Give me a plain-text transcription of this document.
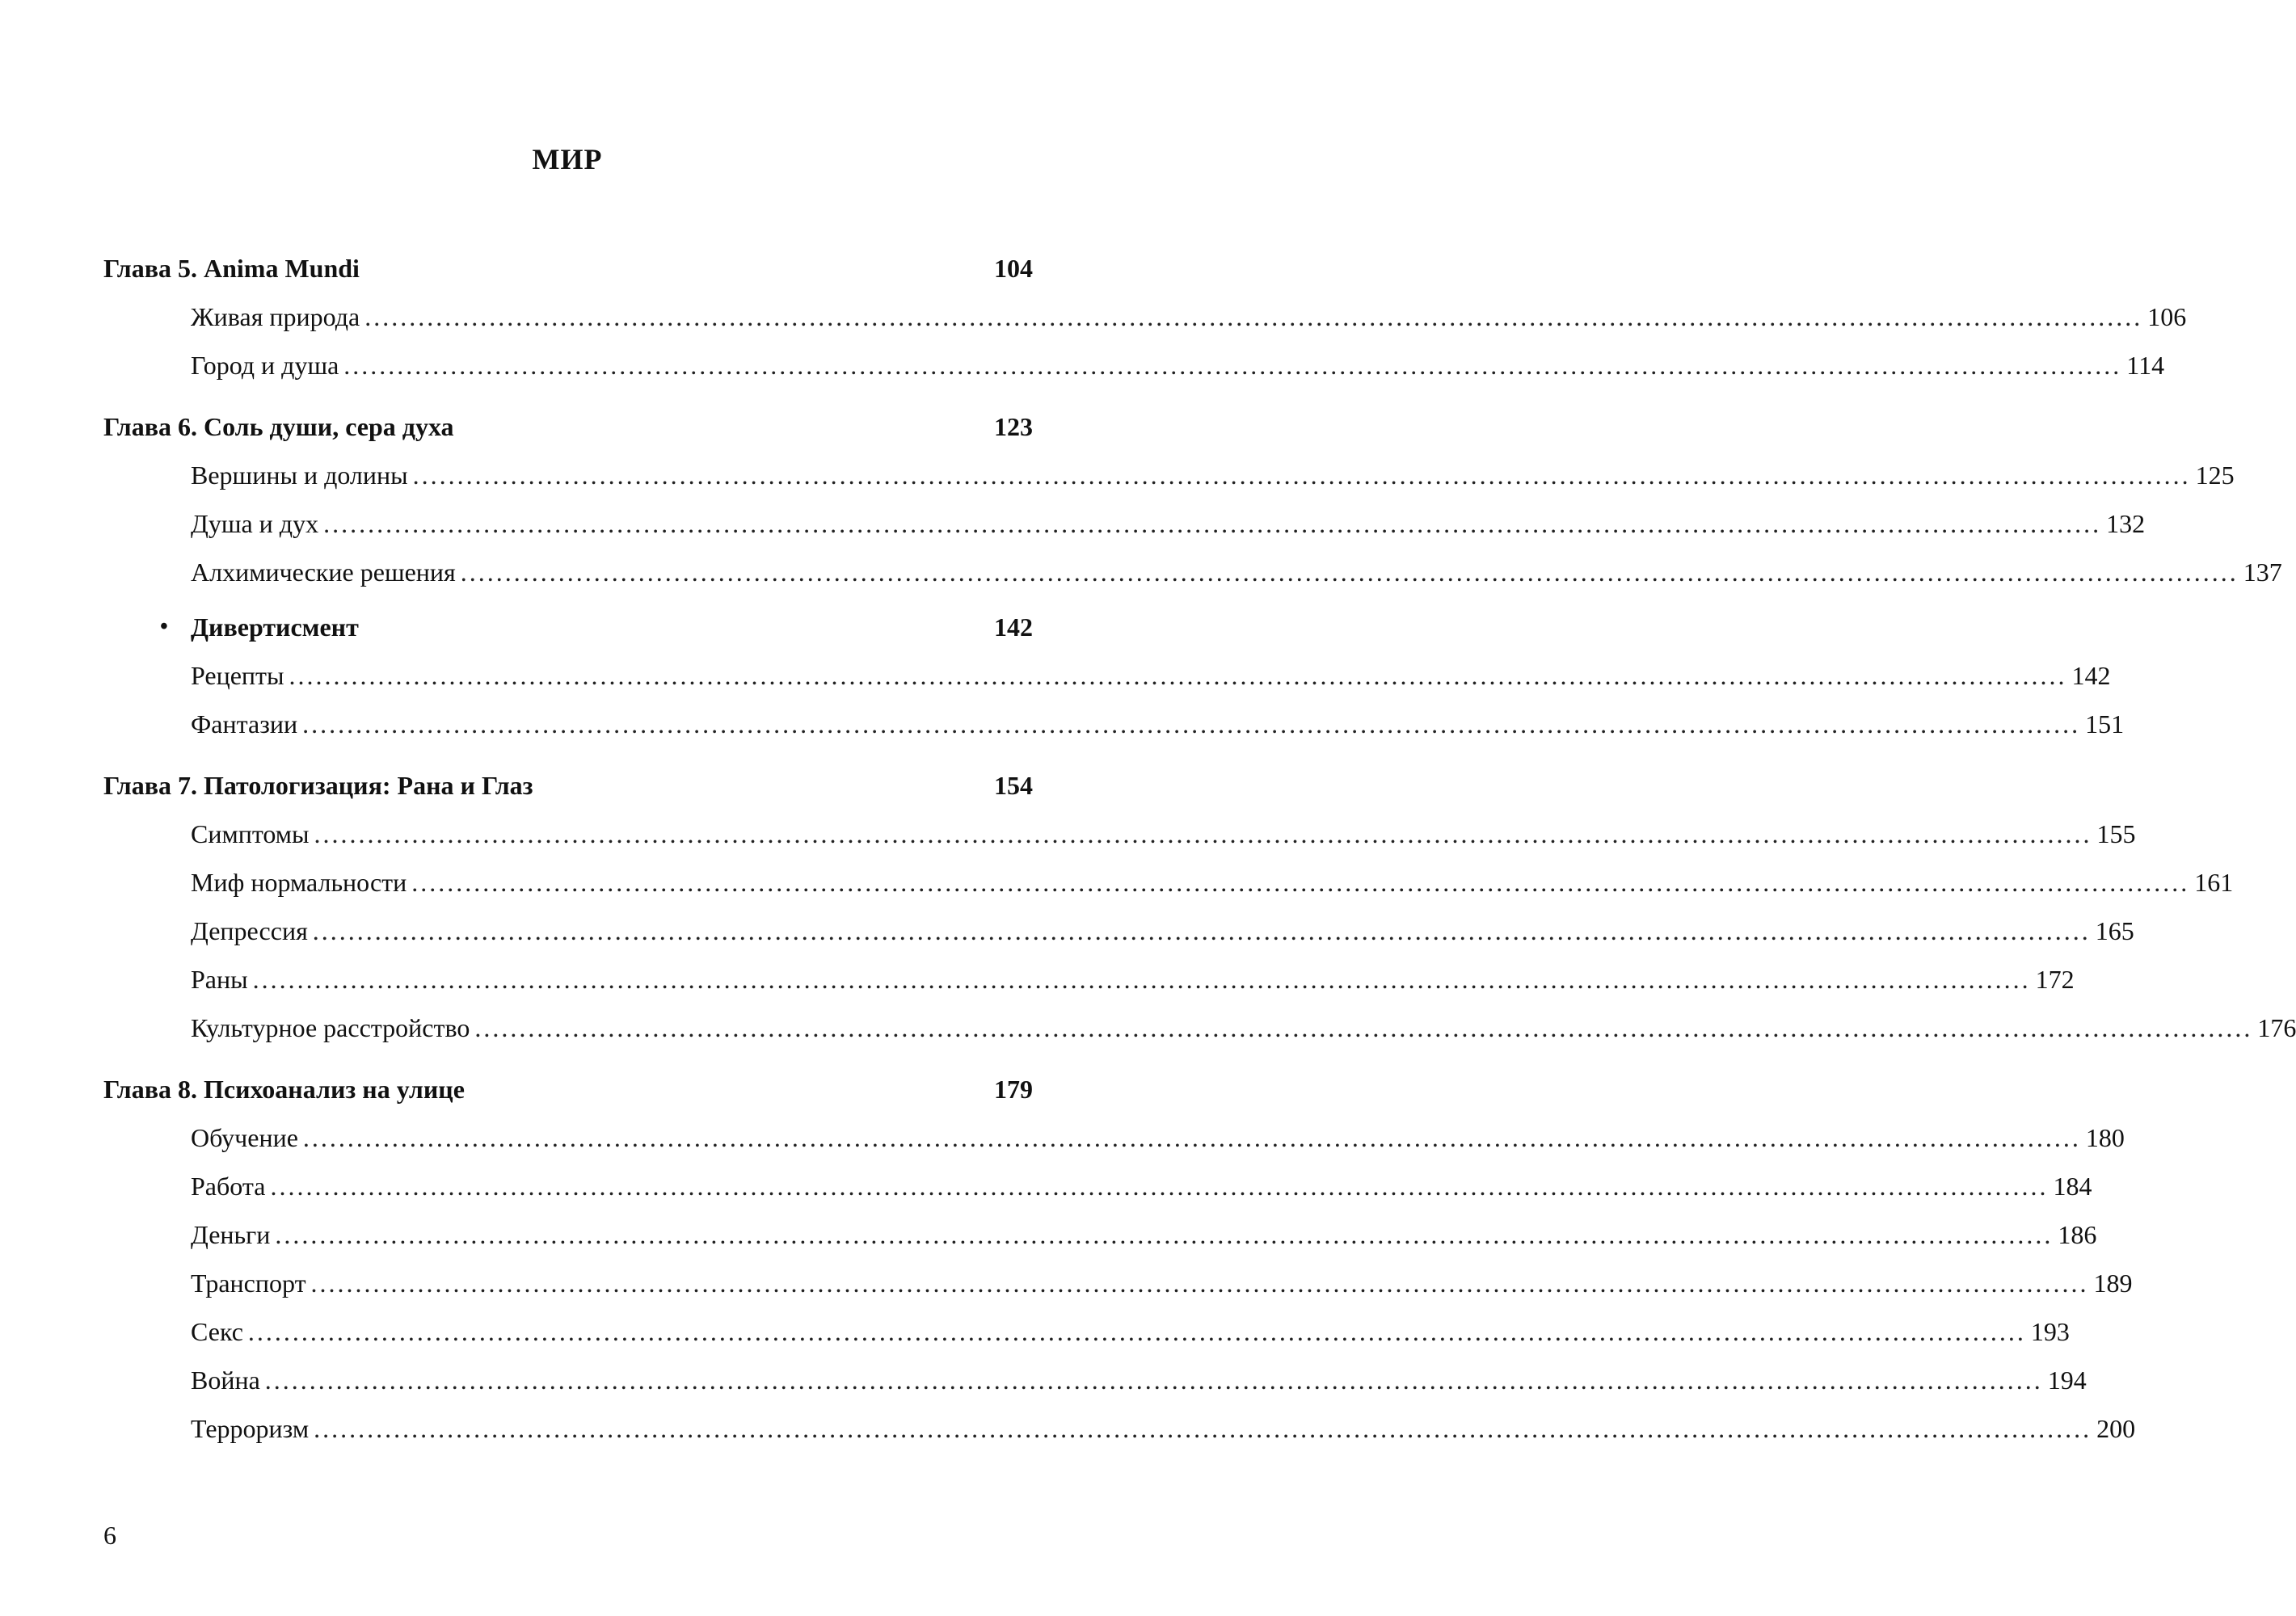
МИР
Глава 5. Anima Mundi	104
Живая природа ........................................................................................................................................................................................................ 106
Город и душа ........................................................................................................................................................................................................ 114
Глава 6. Соль души, сера духа	123
Вершины и долины ........................................................................................................................................................................................................ 125
Душа и дух ........................................................................................................................................................................................................ 132
Алхимические решения ........................................................................................................................................................................................................ 137
• Дивертисмент	142
Рецепты ........................................................................................................................................................................................................ 142
Фантазии ........................................................................................................................................................................................................ 151
Глава 7. Патологизация: Рана и Глаз	154
Симптомы ........................................................................................................................................................................................................ 155
Миф нормальности ........................................................................................................................................................................................................ 161
Депрессия ........................................................................................................................................................................................................ 165
Раны ........................................................................................................................................................................................................ 172
Культурное расстройство ........................................................................................................................................................................................................ 176
Глава 8. Психоанализ на улице	179
Обучение ........................................................................................................................................................................................................ 180
Работа ........................................................................................................................................................................................................ 184
Деньги ........................................................................................................................................................................................................ 186
Транспорт ........................................................................................................................................................................................................ 189
Секс ........................................................................................................................................................................................................ 193
Война ........................................................................................................................................................................................................ 194
Терроризм ........................................................................................................................................................................................................ 200
6
